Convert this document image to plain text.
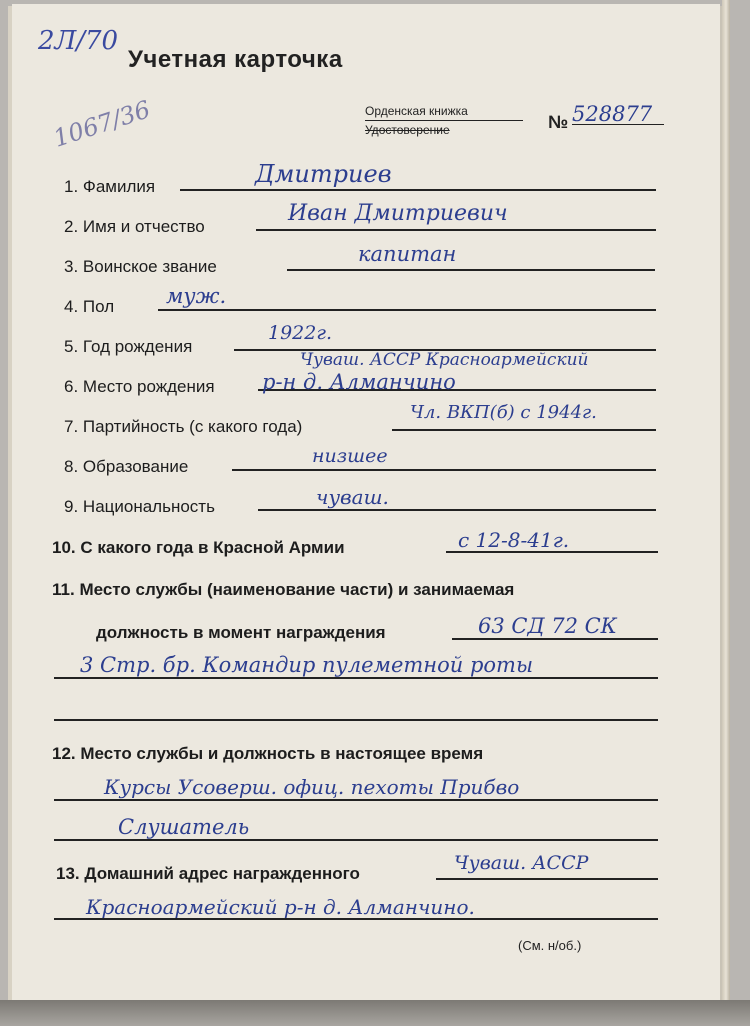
2Л/70
1067/36
Учетная карточка
Орденская книжка
Удостоверение	№ 528877
1. Фамилия	Дмитриев
2. Имя и отчество
Иван Дмитриевич
3. Воинское звание
капитан
4. Пол муж.
5. Год рождения
1922г.
Чуваш. АССР Красноармейский
6. Место рождения р-н д. Алманчино
7. Партийность (с какого года)
Чл. ВКП(б) с 1944г.
8. Образование	низшее
9. Национальность	чуваш.
10. С какого года в Красной Армии	с 12-8-41г.
11. Место службы (наименование части) и занимаемая
должность в момент награждения	63 СД 72 СК
3 Стр. бр. Командир пулеметной роты
12. Место службы и должность в настоящее время
Курсы Усоверш. офиц. пехоты Прибво
Слушатель
13. Домашний адрес награжденного	Чуваш. АССР
Красноармейский р-н д. Алманчино.
(См. н/об.)
